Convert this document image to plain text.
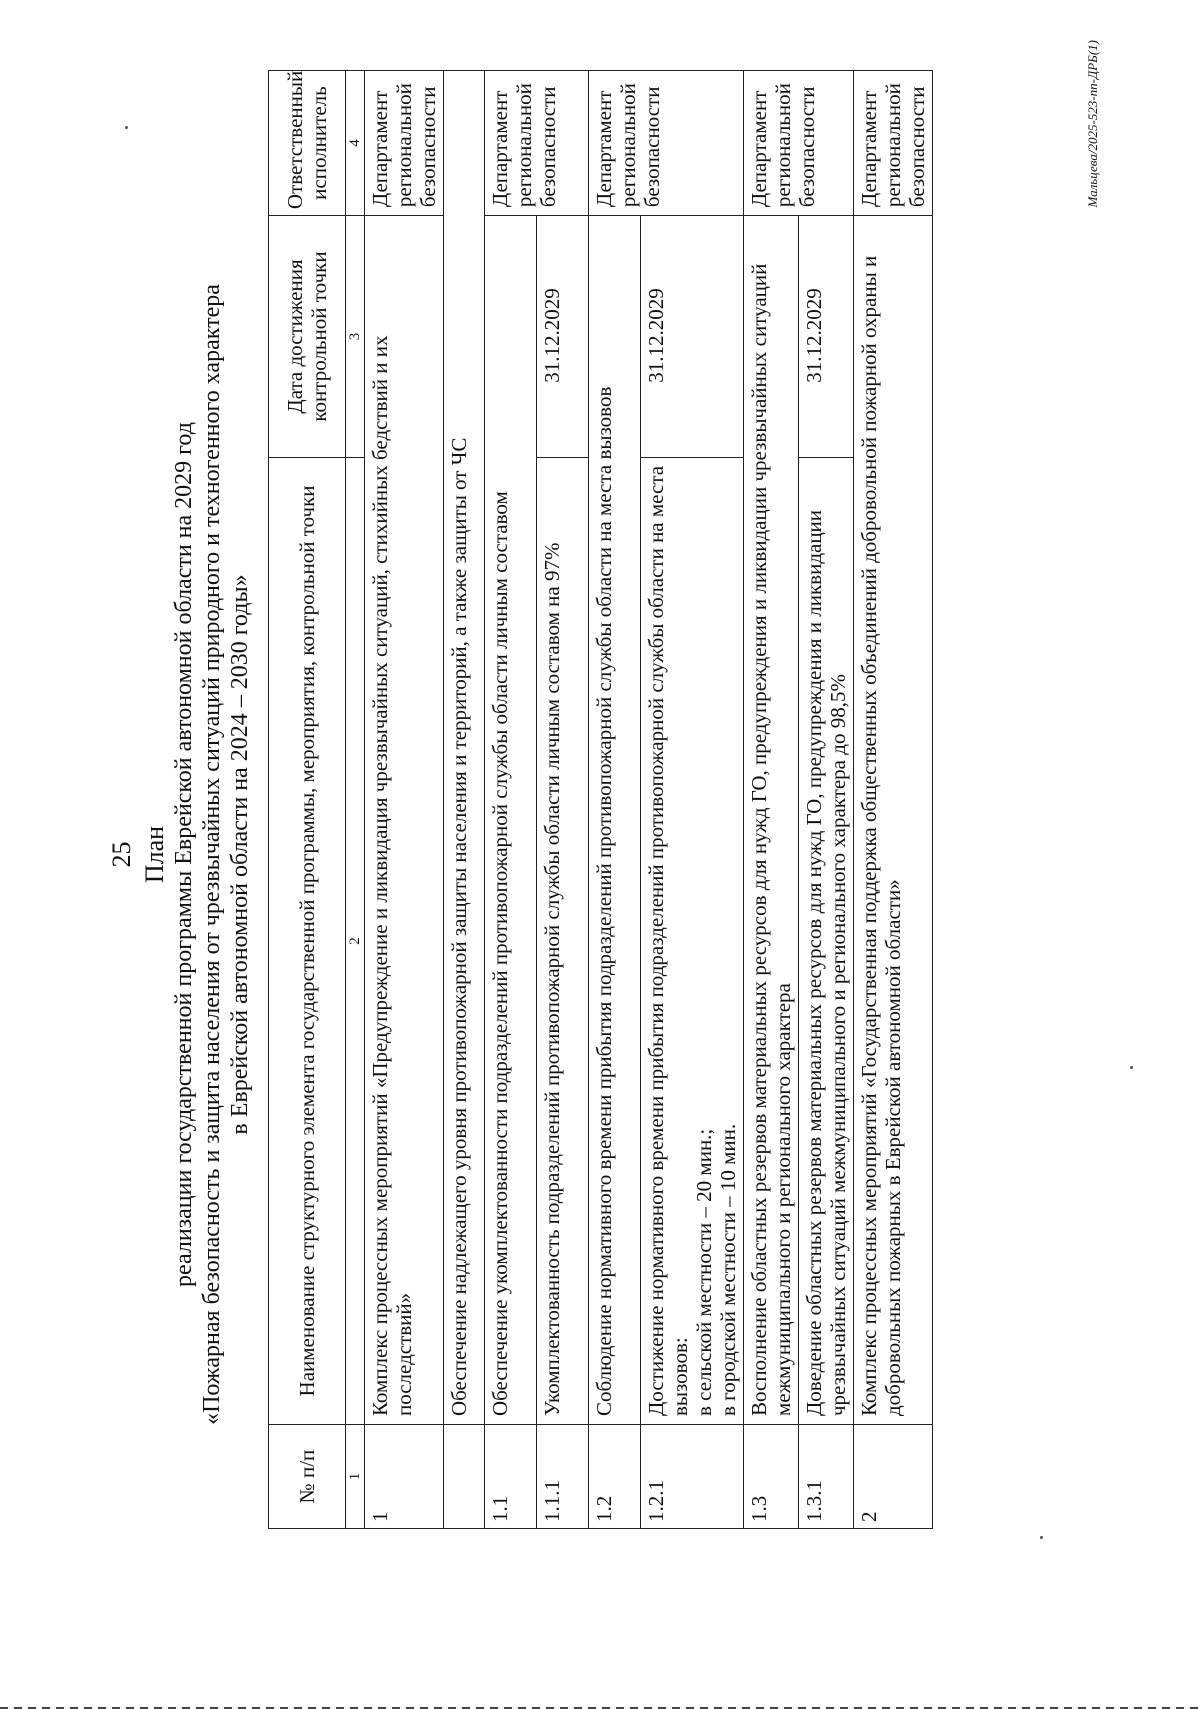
25 План реализации государственной программы Еврейской автономной области на 2029 год «Пожарная безопасность и защита населения от чрезвычайных ситуаций природного и техногенного характера в Еврейской автономной области на 2024 – 2030 годы»
№ п/п	Наименование структурного элемента государственной программы, мероприятия, контрольной точки	Дата достижения контрольной точки	Ответственный исполнитель
1	2	3	4
1	Комплекс процессных мероприятий «Предупреждение и ликвидация чрезвычайных ситуаций, стихийных бедствий и их последствий»		Департамент региональной безопасности
	Обеспечение надлежащего уровня противопожарной защиты населения и территорий, а также защиты от ЧС		
1.1	Обеспечение укомплектованности подразделений противопожарной службы области личным составом		Департамент региональной безопасности
1.1.1	Укомплектованность подразделений противопожарной службы области личным составом на 97%	31.12.2029	
1.2	Соблюдение нормативного времени прибытия подразделений противопожарной службы области на места вызовов		Департамент региональной безопасности
1.2.1	Достижение нормативного времени прибытия подразделений противопожарной службы области на места вызовов: в сельской местности – 20 мин.; в городской местности – 10 мин.	31.12.2029	
1.3	Восполнение областных резервов материальных ресурсов для нужд ГО, предупреждения и ликвидации чрезвычайных ситуаций межмуниципального и регионального характера		Департамент региональной безопасности
1.3.1	Доведение областных резервов материальных ресурсов для нужд ГО, предупреждения и ликвидации чрезвычайных ситуаций межмуниципального и регионального характера до 98,5%	31.12.2029	
2	Комплекс процессных мероприятий «Государственная поддержка общественных объединений добровольной пожарной охраны и добровольных пожарных в Еврейской автономной области»		Департамент региональной безопасности	Мальцева/2025-523-пп-ДРБ(1)
